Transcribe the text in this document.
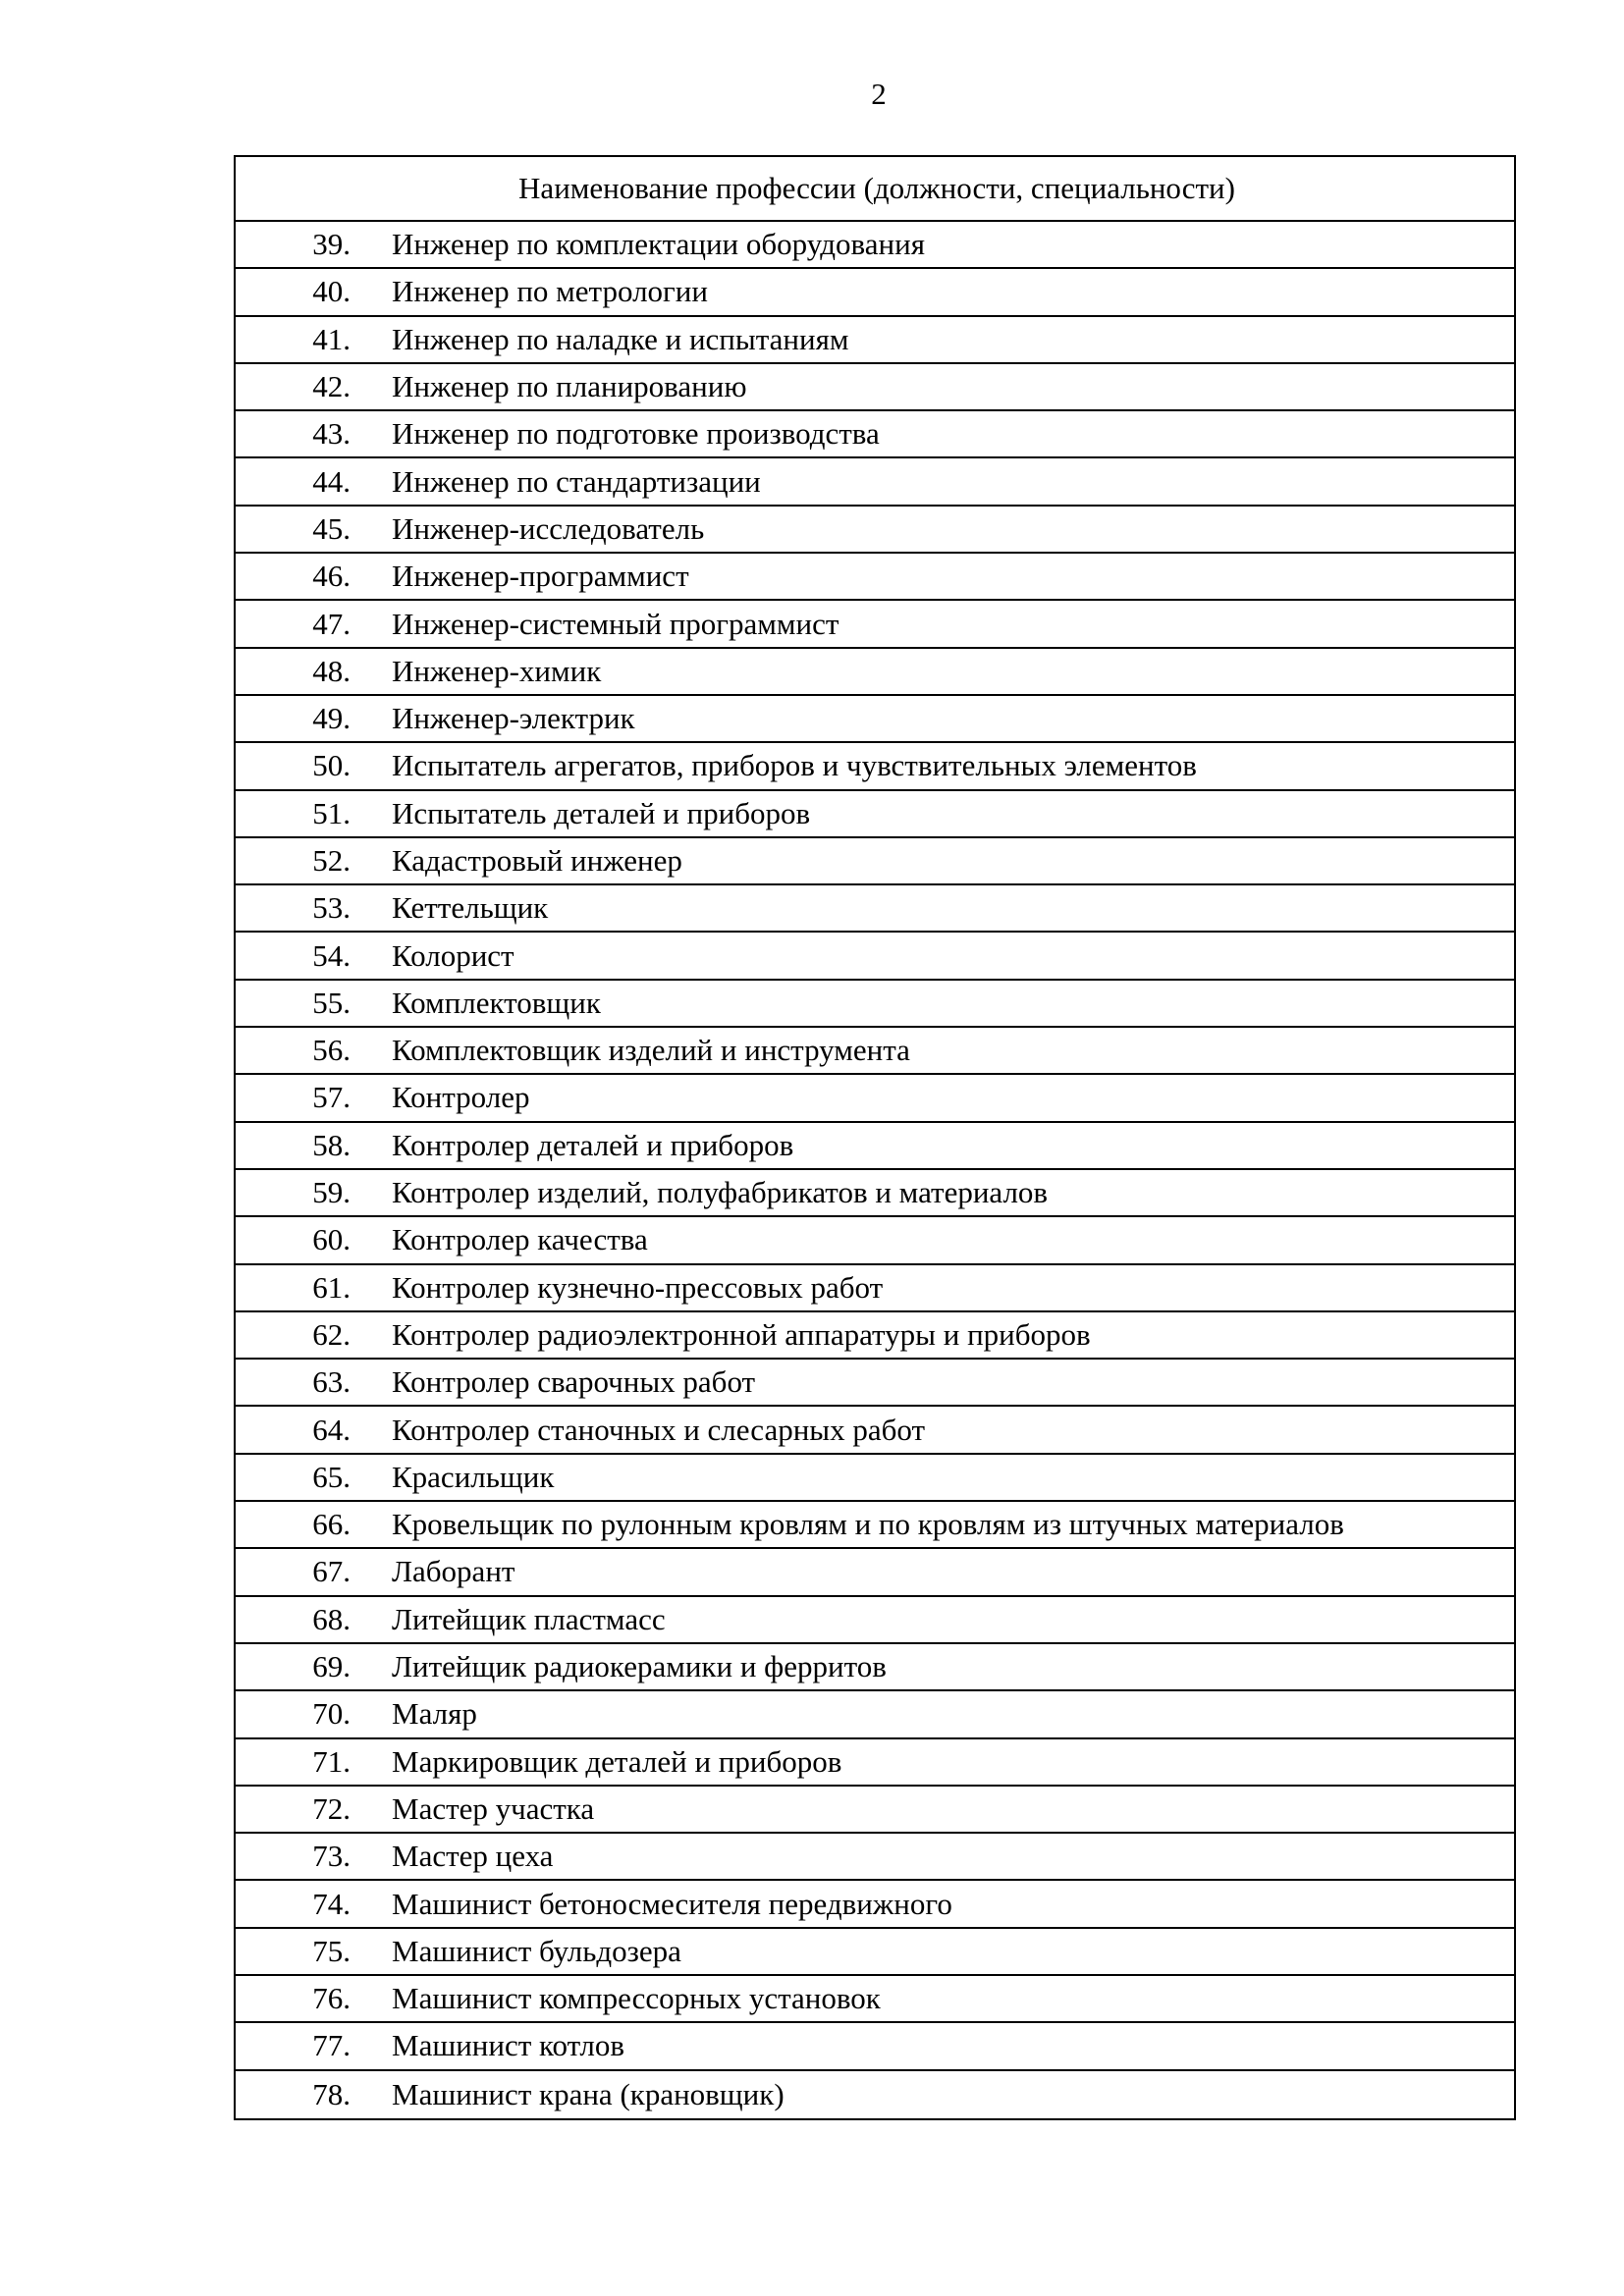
2
Наименование профессии (должности, специальности)
39.	Инженер по комплектации оборудования
40.	Инженер по метрологии
41.	Инженер по наладке и испытаниям
42.	Инженер по планированию
43.	Инженер по подготовке производства
44.	Инженер по стандартизации
45.	Инженер-исследователь
46.	Инженер-программист
47.	Инженер-системный программист
48.	Инженер-химик
49.	Инженер-электрик
50.	Испытатель агрегатов, приборов и чувствительных элементов
51.	Испытатель деталей и приборов
52.	Кадастровый инженер
53.	Кеттельщик
54.	Колорист
55.	Комплектовщик
56.	Комплектовщик изделий и инструмента
57.	Контролер
58.	Контролер деталей и приборов
59.	Контролер изделий, полуфабрикатов и материалов
60.	Контролер качества
61.	Контролер кузнечно-прессовых работ
62.	Контролер радиоэлектронной аппаратуры и приборов
63.	Контролер сварочных работ
64.	Контролер станочных и слесарных работ
65.	Красильщик
66.	Кровельщик по рулонным кровлям и по кровлям из штучных материалов
67.	Лаборант
68.	Литейщик пластмасс
69.	Литейщик радиокерамики и ферритов
70.	Маляр
71.	Маркировщик деталей и приборов
72.	Мастер участка
73.	Мастер цеха
74.	Машинист бетоносмесителя передвижного
75.	Машинист бульдозера
76.	Машинист компрессорных установок
77.	Машинист котлов
78.	Машинист крана (крановщик)
